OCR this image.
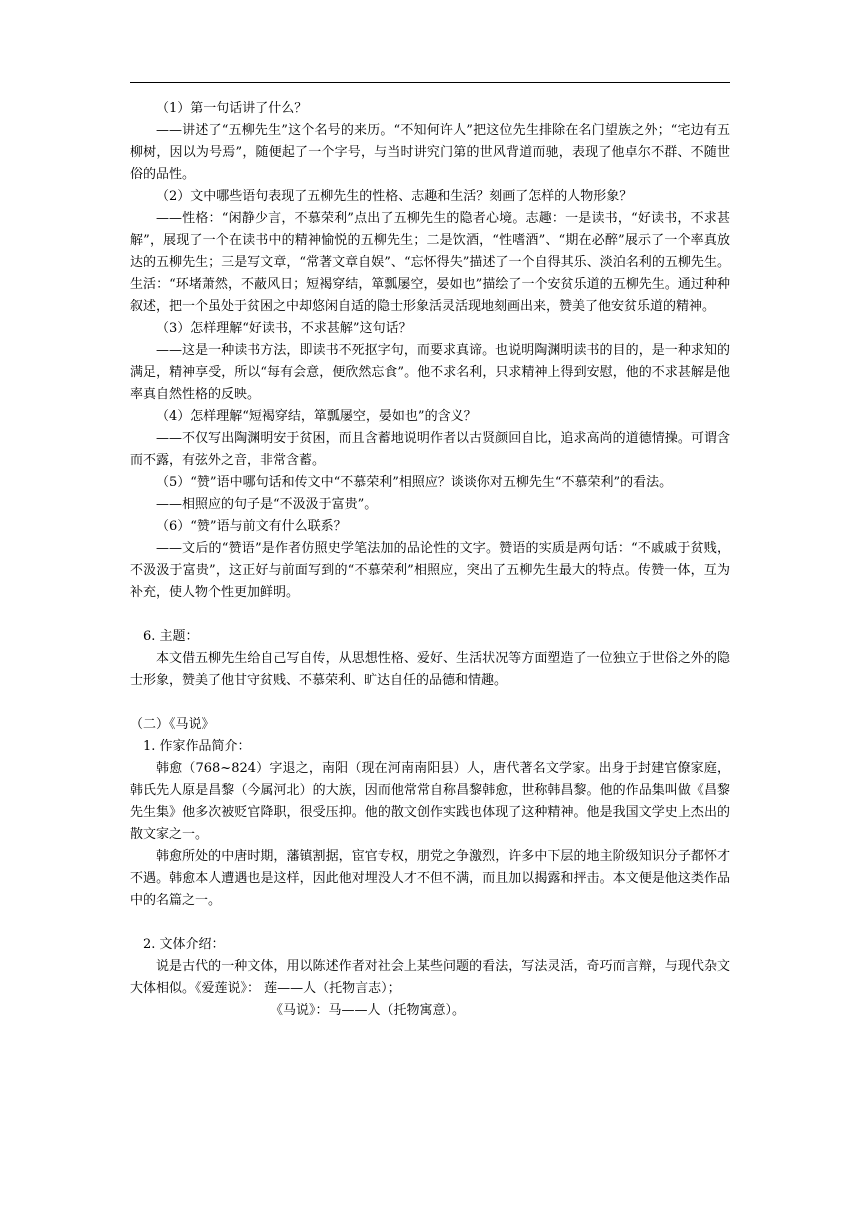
（1）第一句话讲了什么？

——讲述了“五柳先生”这个名号的来历。“不知何许人”把这位先生排除在名门望族之外；“宅边有五柳树，因以为号焉”，随便起了一个字号，与当时讲究门第的世风背道而驰，表现了他卓尔不群、不随世俗的品性。

（2）文中哪些语句表现了五柳先生的性格、志趣和生活？刻画了怎样的人物形象？

——性格：“闲静少言，不慕荣利”点出了五柳先生的隐者心境。志趣：一是读书，“好读书，不求甚解”，展现了一个在读书中的精神愉悦的五柳先生；二是饮酒，“性嗜酒”、“期在必醉”展示了一个率真放达的五柳先生；三是写文章，“常著文章自娱”、“忘怀得失”描述了一个自得其乐、淡泊名利的五柳先生。生活：“环堵萧然，不蔽风日；短褐穿结，箪瓢屡空，晏如也”描绘了一个安贫乐道的五柳先生。通过种种叙述，把一个虽处于贫困之中却悠闲自适的隐士形象活灵活现地刻画出来，赞美了他安贫乐道的精神。

（3）怎样理解“好读书，不求甚解”这句话？

——这是一种读书方法，即读书不死抠字句，而要求真谛。也说明陶渊明读书的目的，是一种求知的满足，精神享受，所以“每有会意，便欣然忘食”。他不求名利，只求精神上得到安慰，他的不求甚解是他率真自然性格的反映。

（4）怎样理解“短褐穿结，箪瓢屡空，晏如也”的含义？

——不仅写出陶渊明安于贫困，而且含蓄地说明作者以古贤颜回自比，追求高尚的道德情操。可谓含而不露，有弦外之音，非常含蓄。

（5）“赞”语中哪句话和传文中“不慕荣利”相照应？谈谈你对五柳先生“不慕荣利”的看法。

——相照应的句子是“不汲汲于富贵”。

（6）“赞”语与前文有什么联系？

——文后的“赞语”是作者仿照史学笔法加的品论性的文字。赞语的实质是两句话：“不戚戚于贫贱，不汲汲于富贵”，这正好与前面写到的“不慕荣利”相照应，突出了五柳先生最大的特点。传赞一体，互为补充，使人物个性更加鲜明。

6. 主题：

本文借五柳先生给自己写自传，从思想性格、爱好、生活状况等方面塑造了一位独立于世俗之外的隐士形象，赞美了他甘守贫贱、不慕荣利、旷达自任的品德和情趣。

（二）《马说》

1. 作家作品简介：

韩愈（768~824）字退之，南阳（现在河南南阳县）人，唐代著名文学家。出身于封建官僚家庭，韩氏先人原是昌黎（今属河北）的大族，因而他常常自称昌黎韩愈，世称韩昌黎。他的作品集叫做《昌黎先生集》他多次被贬官降职，很受压抑。他的散文创作实践也体现了这种精神。他是我国文学史上杰出的散文家之一。

韩愈所处的中唐时期，藩镇割据，宦官专权，朋党之争激烈，许多中下层的地主阶级知识分子都怀才不遇。韩愈本人遭遇也是这样，因此他对埋没人才不但不满，而且加以揭露和抨击。本文便是他这类作品中的名篇之一。

2. 文体介绍：

说是古代的一种文体，用以陈述作者对社会上某些问题的看法，写法灵活，奇巧而言辩，与现代杂文大体相似。《爱莲说》： 莲——人（托物言志）；

《马说》：马——人（托物寓意）。
